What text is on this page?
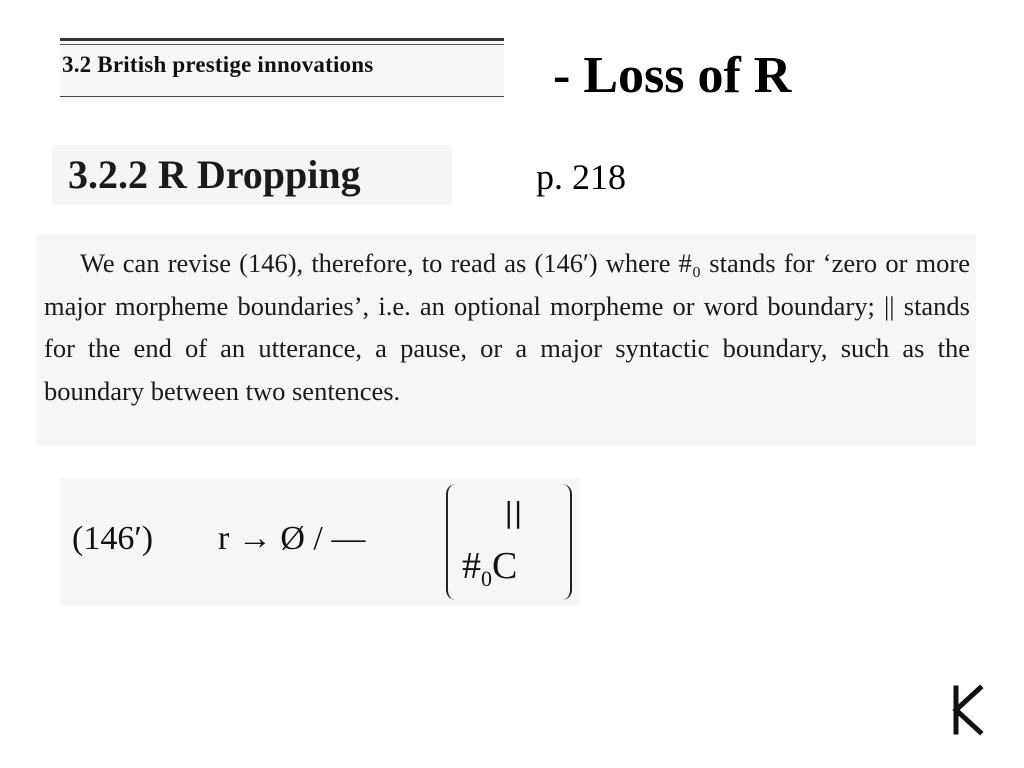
3.2 British prestige innovations	- Loss of R
3.2.2 R Dropping	p. 218
We can revise (146), therefore, to read as (146′) where #₀ stands for ‘zero or more major morpheme boundaries’, i.e. an optional morpheme or word boundary; || stands for the end of an utterance, a pause, or a major syntactic boundary, such as the boundary between two sentences.
(146′) r → Ø / —
||
$\#_0C$
